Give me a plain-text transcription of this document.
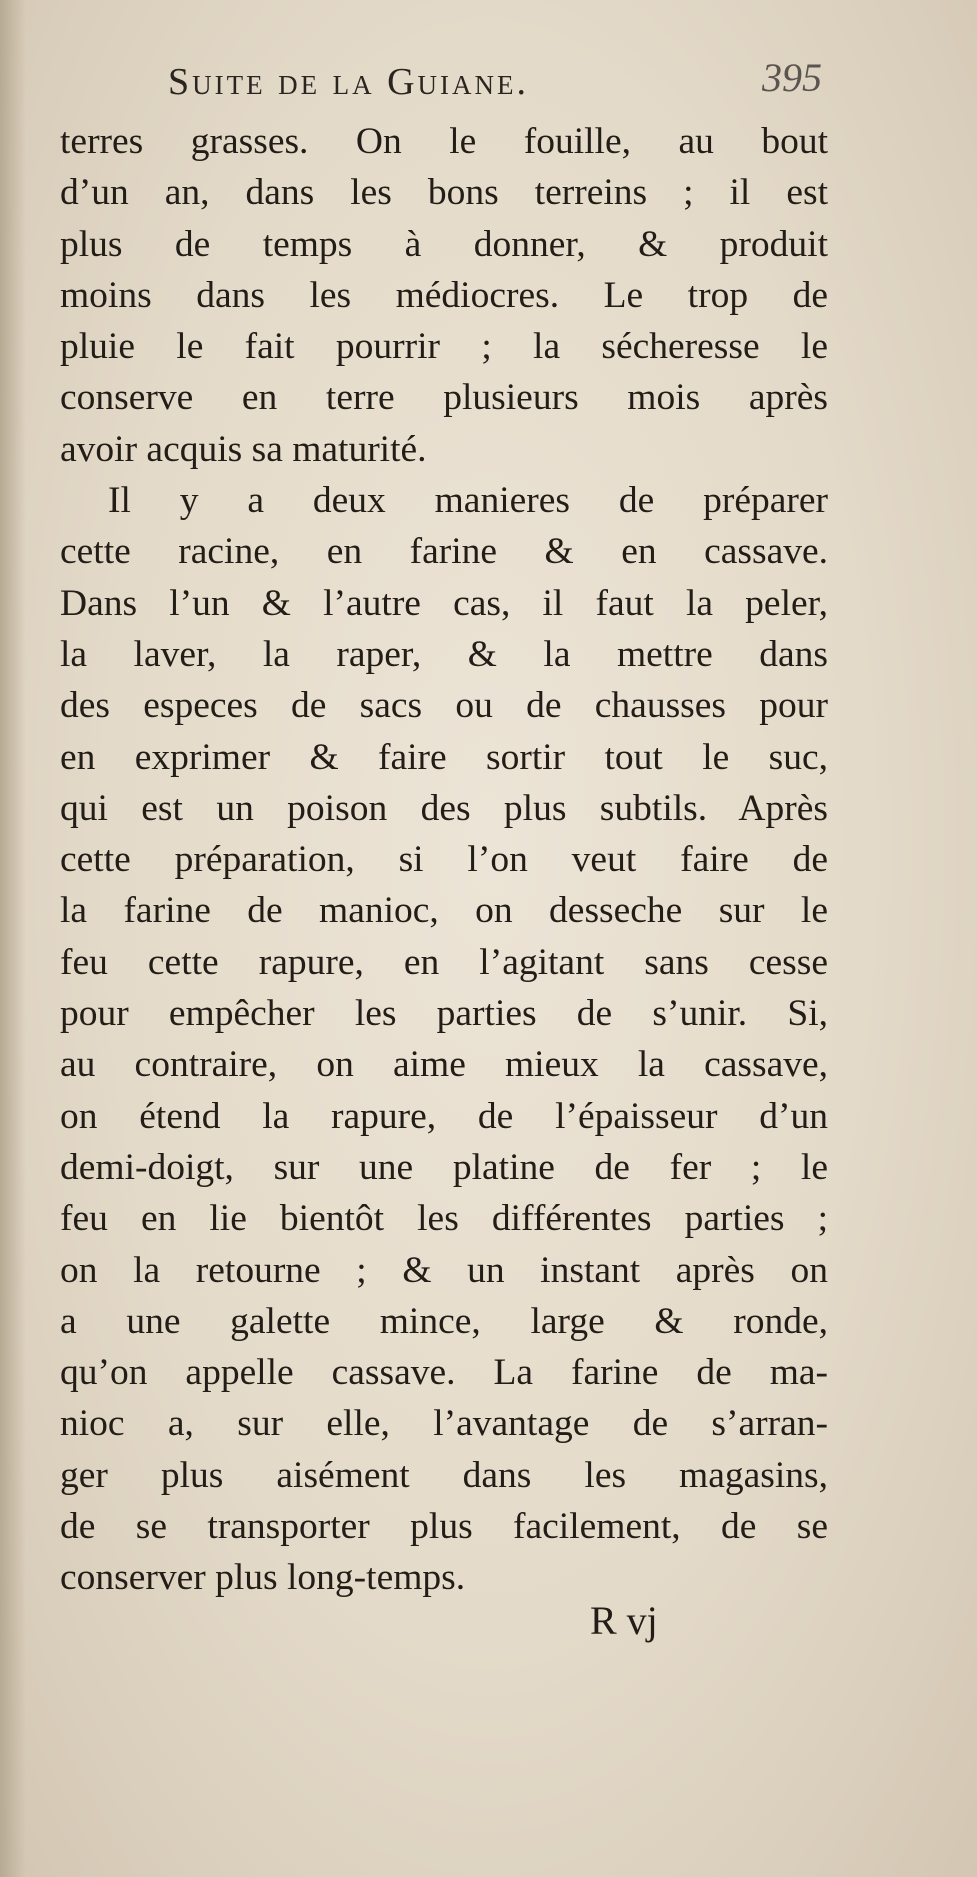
Suite de la Guiane.	395
terres grasses. On le fouille, au bout
d’un an, dans les bons terreins ; il est
plus de temps à donner, & produit
moins dans les médiocres. Le trop de
pluie le fait pourrir ; la sécheresse le
conserve en terre plusieurs mois après
avoir acquis sa maturité.
Il y a deux manieres de préparer
cette racine, en farine & en cassave.
Dans l’un & l’autre cas, il faut la peler,
la laver, la raper, & la mettre dans
des especes de sacs ou de chausses pour
en exprimer & faire sortir tout le suc,
qui est un poison des plus subtils. Après
cette préparation, si l’on veut faire de
la farine de manioc, on desseche sur le
feu cette rapure, en l’agitant sans cesse
pour empêcher les parties de s’unir. Si,
au contraire, on aime mieux la cassave,
on étend la rapure, de l’épaisseur d’un
demi-doigt, sur une platine de fer ; le
feu en lie bientôt les différentes parties ;
on la retourne ; & un instant après on
a une galette mince, large & ronde,
qu’on appelle cassave. La farine de ma-
nioc a, sur elle, l’avantage de s’arran-
ger plus aisément dans les magasins,
de se transporter plus facilement, de se
conserver plus long-temps.
R vj
